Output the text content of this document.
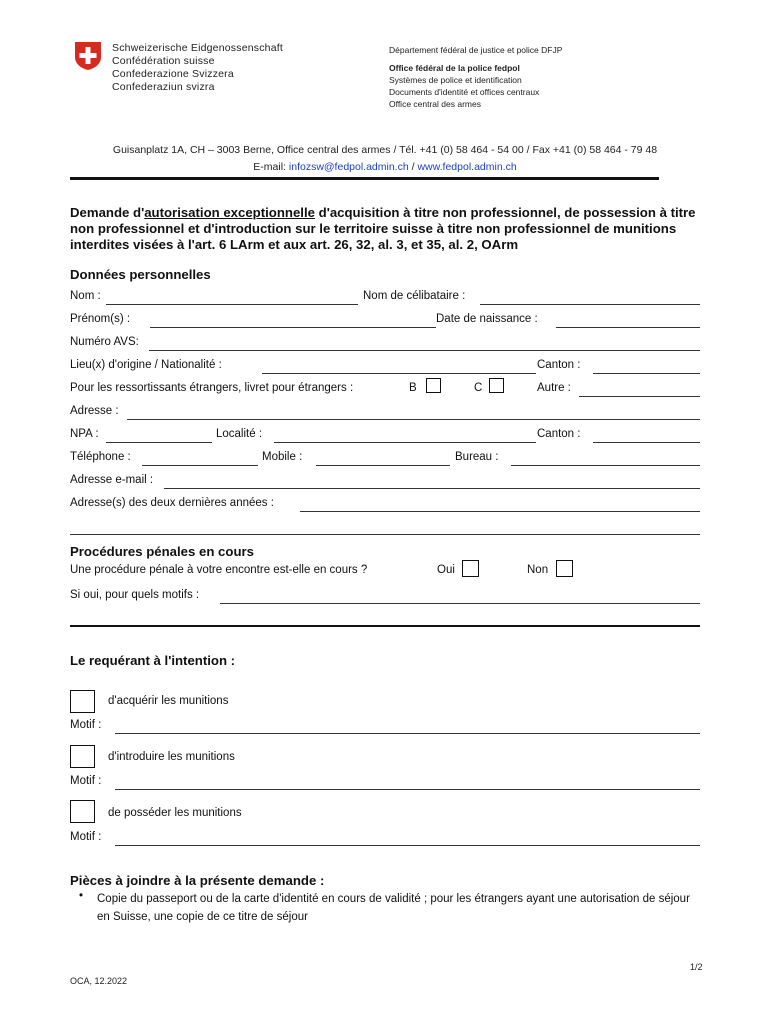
Schweizerische Eidgenossenschaft
Confédération suisse
Confederazione Svizzera
Confederaziun svizra
Département fédéral de justice et police DFJP
Office fédéral de la police fedpol
Systèmes de police et identification
Documents d'identité et offices centraux
Office central des armes
Guisanplatz 1A, CH – 3003 Berne, Office central des armes / Tél. +41 (0) 58 464 - 54 00 / Fax +41 (0) 58 464 - 79 48
E-mail: infozsw@fedpol.admin.ch / www.fedpol.admin.ch
Demande d'autorisation exceptionnelle d'acquisition à titre non professionnel, de possession à titre non professionnel et d'introduction sur le territoire suisse à titre non professionnel de munitions interdites visées à l'art. 6 LArm et aux art. 26, 32, al. 3, et 35, al. 2, OArm
Données personnelles
Nom :	Nom de célibataire :
Prénom(s) :	Date de naissance :
Numéro AVS:
Lieu(x) d'origine / Nationalité :	Canton :
Pour les ressortissants étrangers, livret pour étrangers :	B	C	Autre :
Adresse :
NPA :	Localité :	Canton :
Téléphone :	Mobile :	Bureau :
Adresse e-mail :
Adresse(s) des deux dernières années :
Procédures pénales en cours
Une procédure pénale à votre encontre est-elle en cours ?	Oui	Non
Si oui, pour quels motifs :
Le requérant à l'intention :
d'acquérir les munitions
Motif :
d'introduire les munitions
Motif :
de posséder les munitions
Motif :
Pièces à joindre à la présente demande :
• Copie du passeport ou de la carte d'identité en cours de validité ; pour les étrangers ayant une autorisation de séjour en Suisse, une copie de ce titre de séjour
1/2
OCA, 12.2022
